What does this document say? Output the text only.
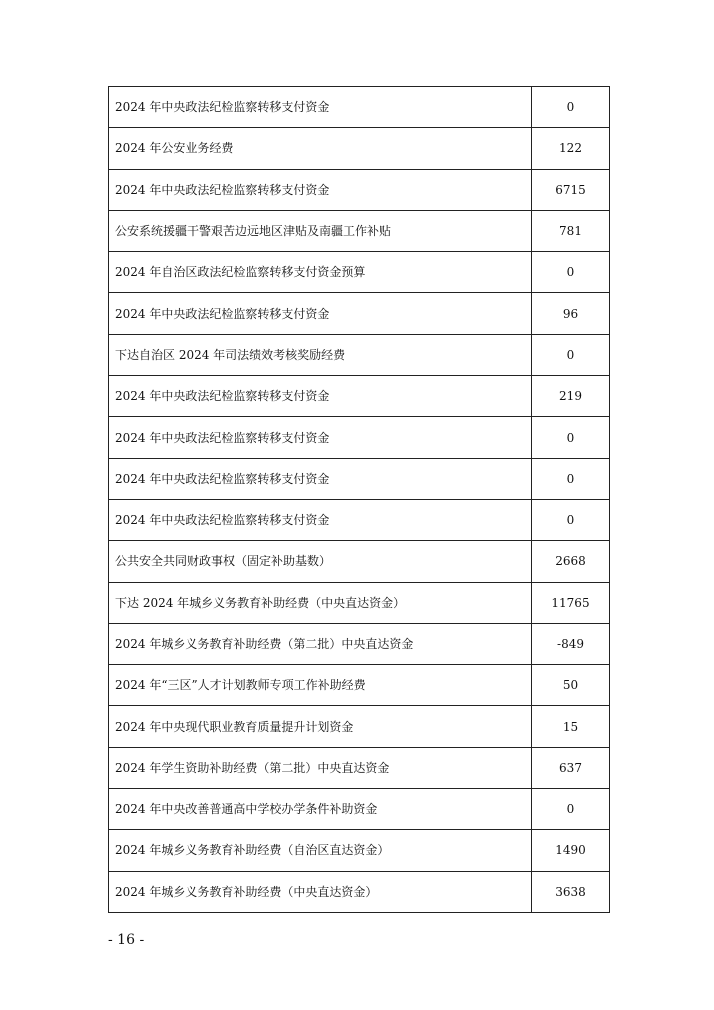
2024 年中央政法纪检监察转移支付资金	0
2024 年公安业务经费	122
2024 年中央政法纪检监察转移支付资金	6715
公安系统援疆干警艰苦边远地区津贴及南疆工作补贴	781
2024 年自治区政法纪检监察转移支付资金预算	0
2024 年中央政法纪检监察转移支付资金	96
下达自治区 2024 年司法绩效考核奖励经费	0
2024 年中央政法纪检监察转移支付资金	219
2024 年中央政法纪检监察转移支付资金	0
2024 年中央政法纪检监察转移支付资金	0
2024 年中央政法纪检监察转移支付资金	0
公共安全共同财政事权（固定补助基数）	2668
下达 2024 年城乡义务教育补助经费（中央直达资金）	11765
2024 年城乡义务教育补助经费（第二批）中央直达资金	-849
2024 年“三区”人才计划教师专项工作补助经费	50
2024 年中央现代职业教育质量提升计划资金	15
2024 年学生资助补助经费（第二批）中央直达资金	637
2024 年中央改善普通高中学校办学条件补助资金	0
2024 年城乡义务教育补助经费（自治区直达资金）	1490
2024 年城乡义务教育补助经费（中央直达资金）	3638
- 16 -
